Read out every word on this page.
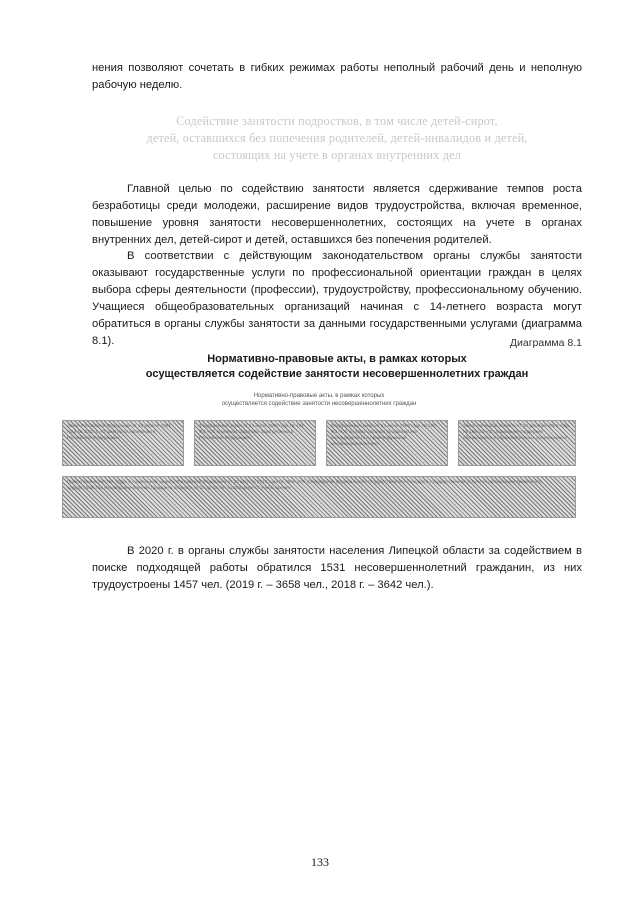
нения позволяют сочетать в гибких режимах работы неполный рабочий день и неполную рабочую неделю.

Содействие занятости подростков, в том числе детей-сирот,
детей, оставшихся без попечения родителей, детей-инвалидов и детей,
состоящих на учете в органах внутренних дел

Главной целью по содействию занятости является сдерживание темпов роста безработицы среди молодежи, расширение видов трудоустройства, включая временное, повышение уровня занятости несовершеннолетних, состоящих на учете в органах внутренних дел, детей-сирот и детей, оставшихся без попечения родителей.

В соответствии с действующим законодательством органы службы занятости оказывают государственные услуги по профессиональной ориентации граждан в целях выбора сферы деятельности (профессии), трудоустройству, профессиональному обучению. Учащиеся общеобразовательных организаций начиная с 14-летнего возраста могут обратиться в органы службы занятости за данными государственными услугами (диаграмма 8.1).	Диаграмма 8.1
Нормативно-правовые акты, в рамках которых
осуществляется содействие занятости несовершеннолетних граждан
Нормативно-правовые акты, в рамках которых
осуществляется содействие занятости несовершеннолетних граждан
Закон Российской Федерации от 19 апреля 1991 года № 1032-1 «О занятости населения в Российской Федерации»
Федеральный закон от 24 июля 1998 года № 124-ФЗ «Об основных гарантиях прав ребенка в Российской Федерации»
Федеральный закон от 24 июня 1999 года № 120-ФЗ «Об основах системы профилактики безнадзорности и правонарушений несовершеннолетних»
Закон Липецкой области от 30 декабря 2004 года № 166-ОЗ «О социальной поддержке обучающихся в образовательных организациях»
Приказ Министерства труда и социальной защиты Российской Федерации от 23 августа 2013 года № 380н «Об утверждении федерального государственного стандарта государственной услуги по организации временного трудоустройства несовершеннолетних граждан в возрасте от 14 до 18 лет в свободное от учебы время»

В 2020 г. в органы службы занятости населения Липецкой области за содействием в поиске подходящей работы обратился 1531 несовершеннолетний гражданин, из них трудоустроены 1457 чел. (2019 г. – 3658 чел., 2018 г. – 3642 чел.).

133
